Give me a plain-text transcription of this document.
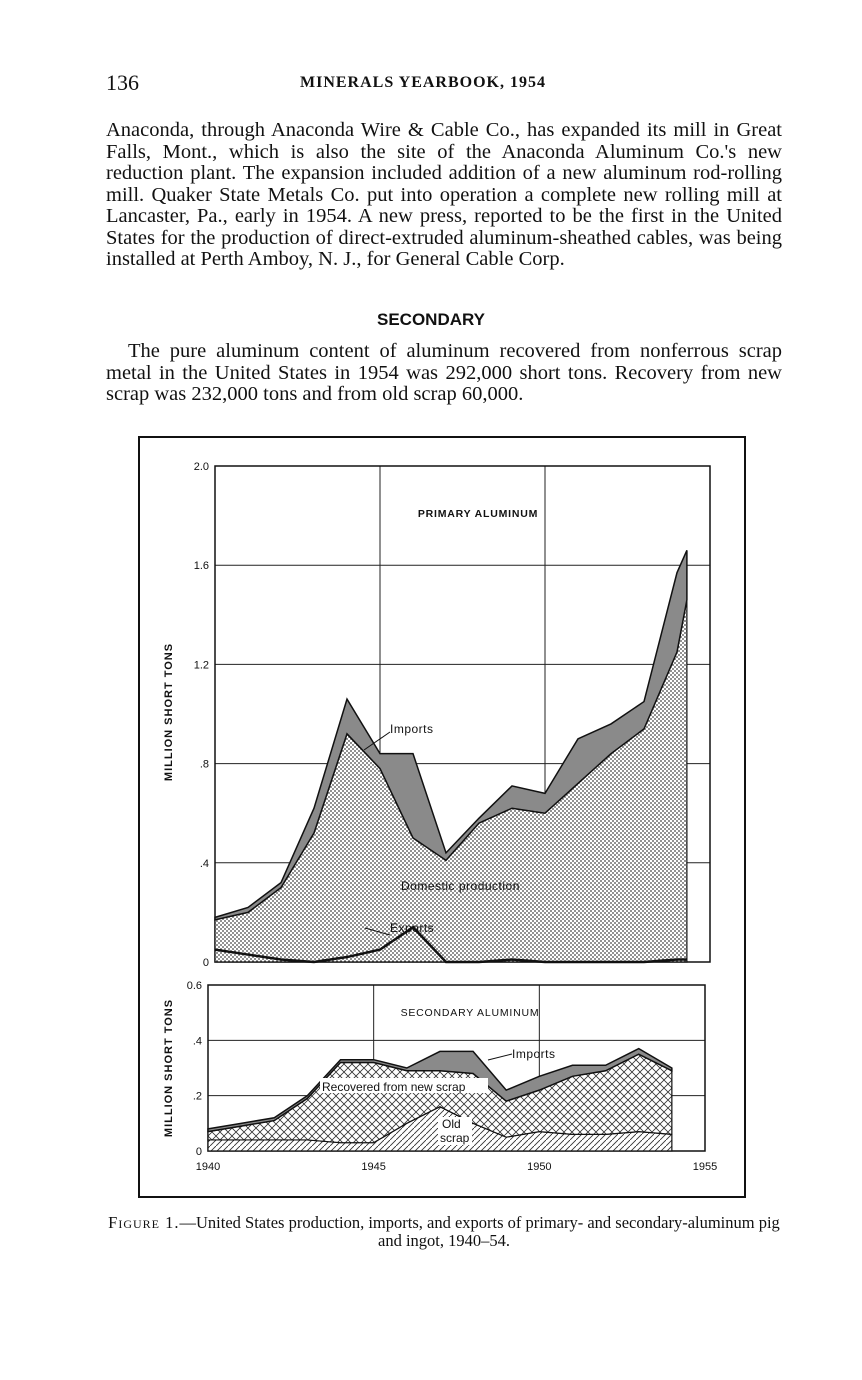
136	MINERALS YEARBOOK, 1954

Anaconda, through Anaconda Wire & Cable Co., has expanded its mill in Great Falls, Mont., which is also the site of the Anaconda Aluminum Co.'s new reduction plant. The expansion included addition of a new aluminum rod-rolling mill. Quaker State Metals Co. put into operation a complete new rolling mill at Lancaster, Pa., early in 1954. A new press, reported to be the first in the United States for the production of direct-extruded aluminum-sheathed cables, was being installed at Perth Amboy, N. J., for General Cable Corp.

SECONDARY

The pure aluminum content of aluminum recovered from nonferrous scrap metal in the United States in 1954 was 292,000 short tons. Recovery from new scrap was 232,000 tons and from old scrap 60,000.

0
.4
.8
1.2
1.6
2.0
PRIMARY ALUMINUM
Imports
Domestic production
Exports
MILLION SHORT TONS
0
.2
.4
0.6
SECONDARY ALUMINUM
Imports
Recovered from new scrap
Old
scrap
1940	1945	1950	1955
MILLION SHORT TONS
Figure 1.—United States production, imports, and exports of primary- and secondary-aluminum pig and ingot, 1940–54.
